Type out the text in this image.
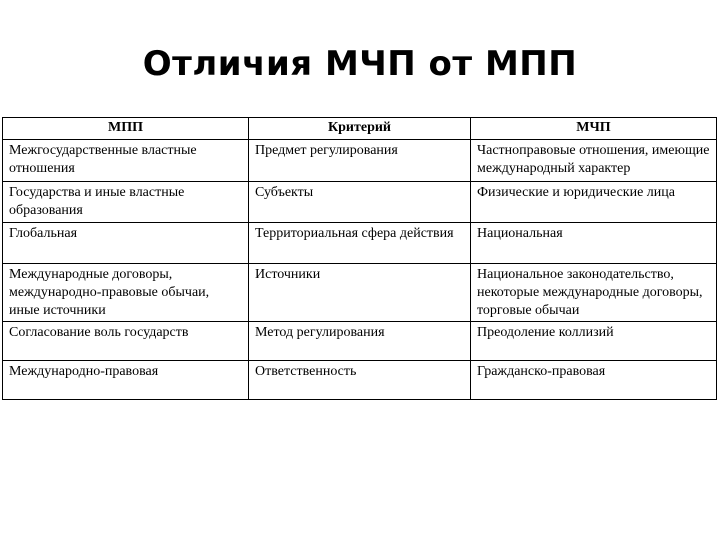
Отличия МЧП от МПП
МПП	Критерий	МЧП
Межгосударственные властные отношения	Предмет регулирования	Частноправовые отношения, имеющие международный характер
Государства и иные властные образования	Субъекты	Физические и юридические лица
Глобальная	Территориальная сфера действия	Национальная
Международные договоры, международно-правовые обычаи, иные источники	Источники	Национальное законодательство, некоторые международные договоры, торговые обычаи
Согласование воль государств	Метод регулирования	Преодоление коллизий
Международно-правовая	Ответственность	Гражданско-правовая
